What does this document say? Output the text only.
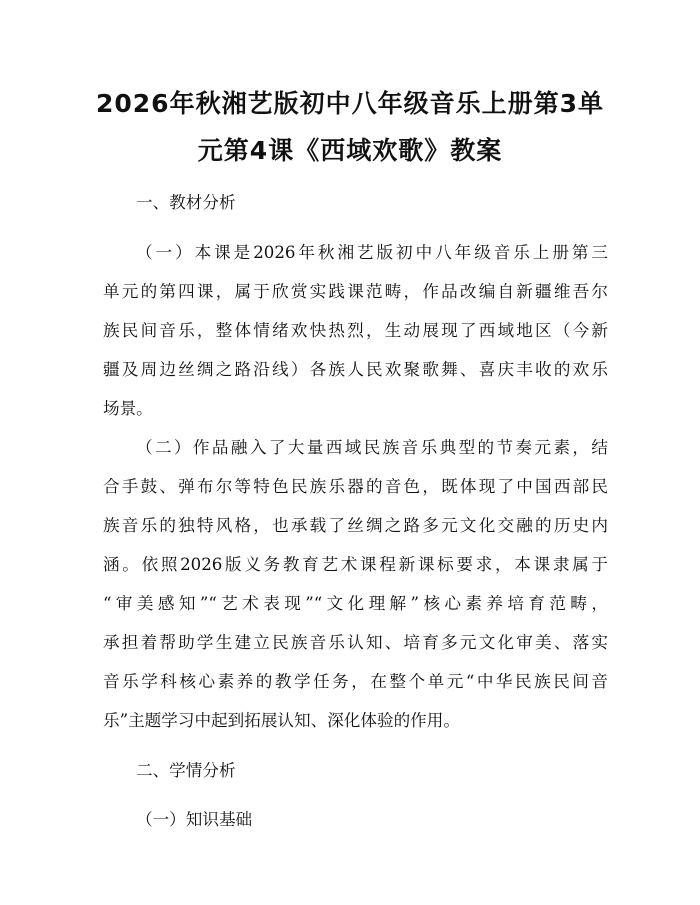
2026年秋湘艺版初中八年级音乐上册第3单
元第4课《西域欢歌》教案
一、教材分析
（一）本课是2026年秋湘艺版初中八年级音乐上册第三
单元的第四课，属于欣赏实践课范畴，作品改编自新疆维吾尔
族民间音乐，整体情绪欢快热烈，生动展现了西域地区（今新
疆及周边丝绸之路沿线）各族人民欢聚歌舞、喜庆丰收的欢乐
场景。
（二）作品融入了大量西域民族音乐典型的节奏元素，结
合手鼓、弹布尔等特色民族乐器的音色，既体现了中国西部民
族音乐的独特风格，也承载了丝绸之路多元文化交融的历史内
涵。依照2026版义务教育艺术课程新课标要求，本课隶属于
“审美感知”“艺术表现”“文化理解”核心素养培育范畴，
承担着帮助学生建立民族音乐认知、培育多元文化审美、落实
音乐学科核心素养的教学任务，在整个单元“中华民族民间音
乐”主题学习中起到拓展认知、深化体验的作用。
二、学情分析
（一）知识基础
